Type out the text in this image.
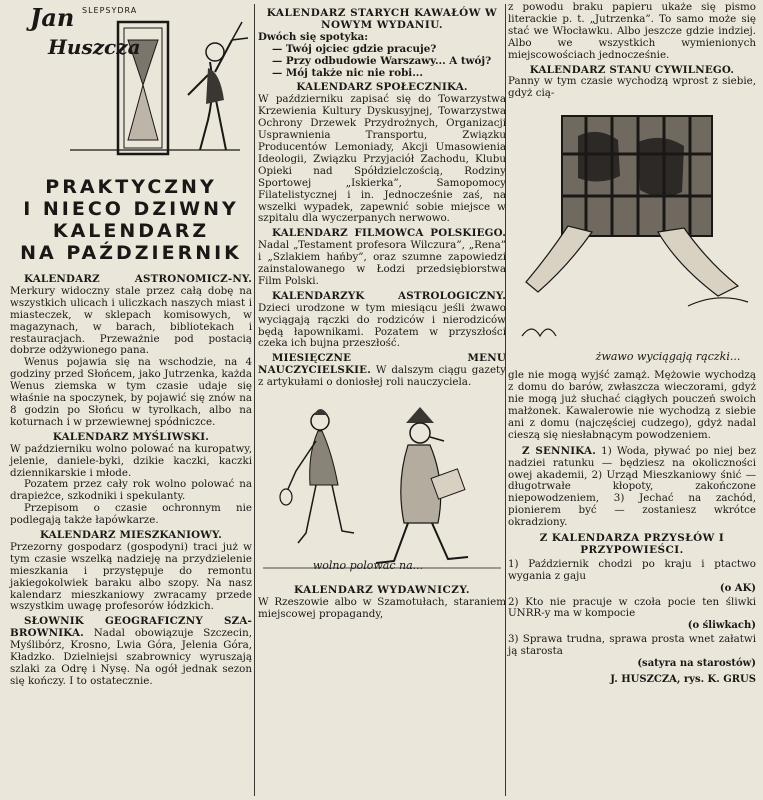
Jan
Huszcza
SLEPSYDRA
PRAKTYCZNY
I NIECO DZIWNY
KALENDARZ
NA PAŹDZIERNIK

KALENDARZ ASTRONOMICZ-NY. Merkury widoczny stale przez całą dobę na wszystkich ulicach i uliczkach naszych miast i miasteczek, w sklepach komisowych, w magazynach, w barach, bibliotekach i restauracjach. Przeważnie pod postacią dobrze odżywionego pana.

Wenus pojawia się na wschodzie, na 4 godziny przed Słońcem, jako Jutrzenka, każda Wenus ziemska w tym czasie udaje się właśnie na spoczynek, by pojawić się znów na 8 godzin po Słońcu w tyrolkach, albo na koturnach i w przewiewnej spódniczce.

KALENDARZ MYŚLIWSKI.
W październiku wolno polować na kuropatwy, jelenie, daniele-byki, dzikie kaczki, kaczki dziennikarskie i młode.

Pozatem przez cały rok wolno polować na drapieżce, szkodniki i spekulanty.

Przepisom o czasie ochronnym nie podlegają także łapówkarze.

KALENDARZ MIESZKANIOWY.
Przezorny gospodarz (gospodyni) traci już w tym czasie wszelką nadzieję na przydzielenie mieszkania i przystępuje do remontu jakiegokolwiek baraku albo szopy. Na nasz kalendarz mieszkaniowy zwracamy przede wszystkim uwagę profesorów łódzkich.

SŁOWNIK GEOGRAFICZNY SZA-BROWNIKA. Nadal obowiązuje Szczecin, Myślibórz, Krosno, Lwia Góra, Jelenia Góra, Kładzko. Dzielniejsi szabrownicy wyruszają szlaki za Odrę i Nysę. Na ogół jednak sezon się kończy. I to ostatecznie.

KALENDARZ STARYCH KAWAŁÓW W NOWYM WYDANIU.

Dwóch się spotyka:

— Twój ojciec gdzie pracuje?

— Przy odbudowie Warszawy... A twój?

— Mój także nic nie robi...

KALENDARZ SPOŁECZNIKA.
W październiku zapisać się do Towarzystwa Krzewienia Kultury Dyskusyjnej, Towarzystwa Ochrony Drzewek Przydrożnych, Organizacji Usprawnienia Transportu, Związku Producentów Lemoniady, Akcji Umasowienia Ideologii, Związku Przyjaciół Zachodu, Klubu Opieki nad Spółdzielczością, Rodziny Sportowej „Iskierka”, Samopomocy Filatelistycznej i in. Jednocześnie zaś, na wszelki wypadek, zapewnić sobie miejsce w szpitalu dla wyczerpanych nerwowo.

KALENDARZ FILMOWCA POLSKIEGO. Nadal „Testament profesora Wilczura”, „Rena” i „Szlakiem hańby”, oraz szumne zapowiedzi zainstalowanego w Łodzi przedsiębiorstwa Film Polski.

KALENDARZYK ASTROLOGICZNY. Dzieci urodzone w tym miesiącu jeśli żwawo wyciągają rączki do rodziców i nierodziców będą łapownikami. Pozatem w przyszłości czeka ich bujna przeszłość.

MIESIĘCZNE MENU NAUCZYCIELSKIE. W dalszym ciągu gazety z artykułami o doniosłej roli nauczyciela.

wolno polować na...

KALENDARZ WYDAWNICZY.

W Rzeszowie albo w Szamotułach, staraniem miejscowej propagandy,

z powodu braku papieru ukaże się pismo literackie p. t. „Jutrzenka”. To samo może się stać we Włocławku. Albo jeszcze gdzie indziej. Albo we wszystkich wymienionych miejscowościach jednocześnie.

KALENDARZ STANU CYWILNEGO.
Panny w tym czasie wychodzą wprost z siebie, gdyż cią-

żwawo wyciągają rączki...

gle nie mogą wyjść zamąż. Mężowie wychodzą z domu do barów, zwłaszcza wieczorami, gdyż nie mogą już słuchać ciągłych pouczeń swoich małżonek. Kawalerowie nie wychodzą z siebie ani z domu (najczęściej cudzego), gdyż nadal cieszą się niesłabnącym powodzeniem.

Z SENNIKA. 1) Woda, pływać po niej bez nadziei ratunku — będziesz na okoliczności owej akademii, 2) Urząd Mieszkaniowy śnić — długotrwałe kłopoty, zakończone niepowodzeniem, 3) Jechać na zachód, pionierem być — zostaniesz wkrótce okradziony.

Z KALENDARZA PRZYSŁÓW I PRZYPOWIEŚCI.

1) Październik chodzi po kraju i ptactwo wygania z gaju
(o AK)
2) Kto nie pracuje w czoła pocie ten śliwki UNRR-y ma w kompocie
(o śliwkach)
3) Sprawa trudna, sprawa prosta wnet załatwi ją starosta
(satyra na starostów)
J. HUSZCZA, rys. K. GRUS
